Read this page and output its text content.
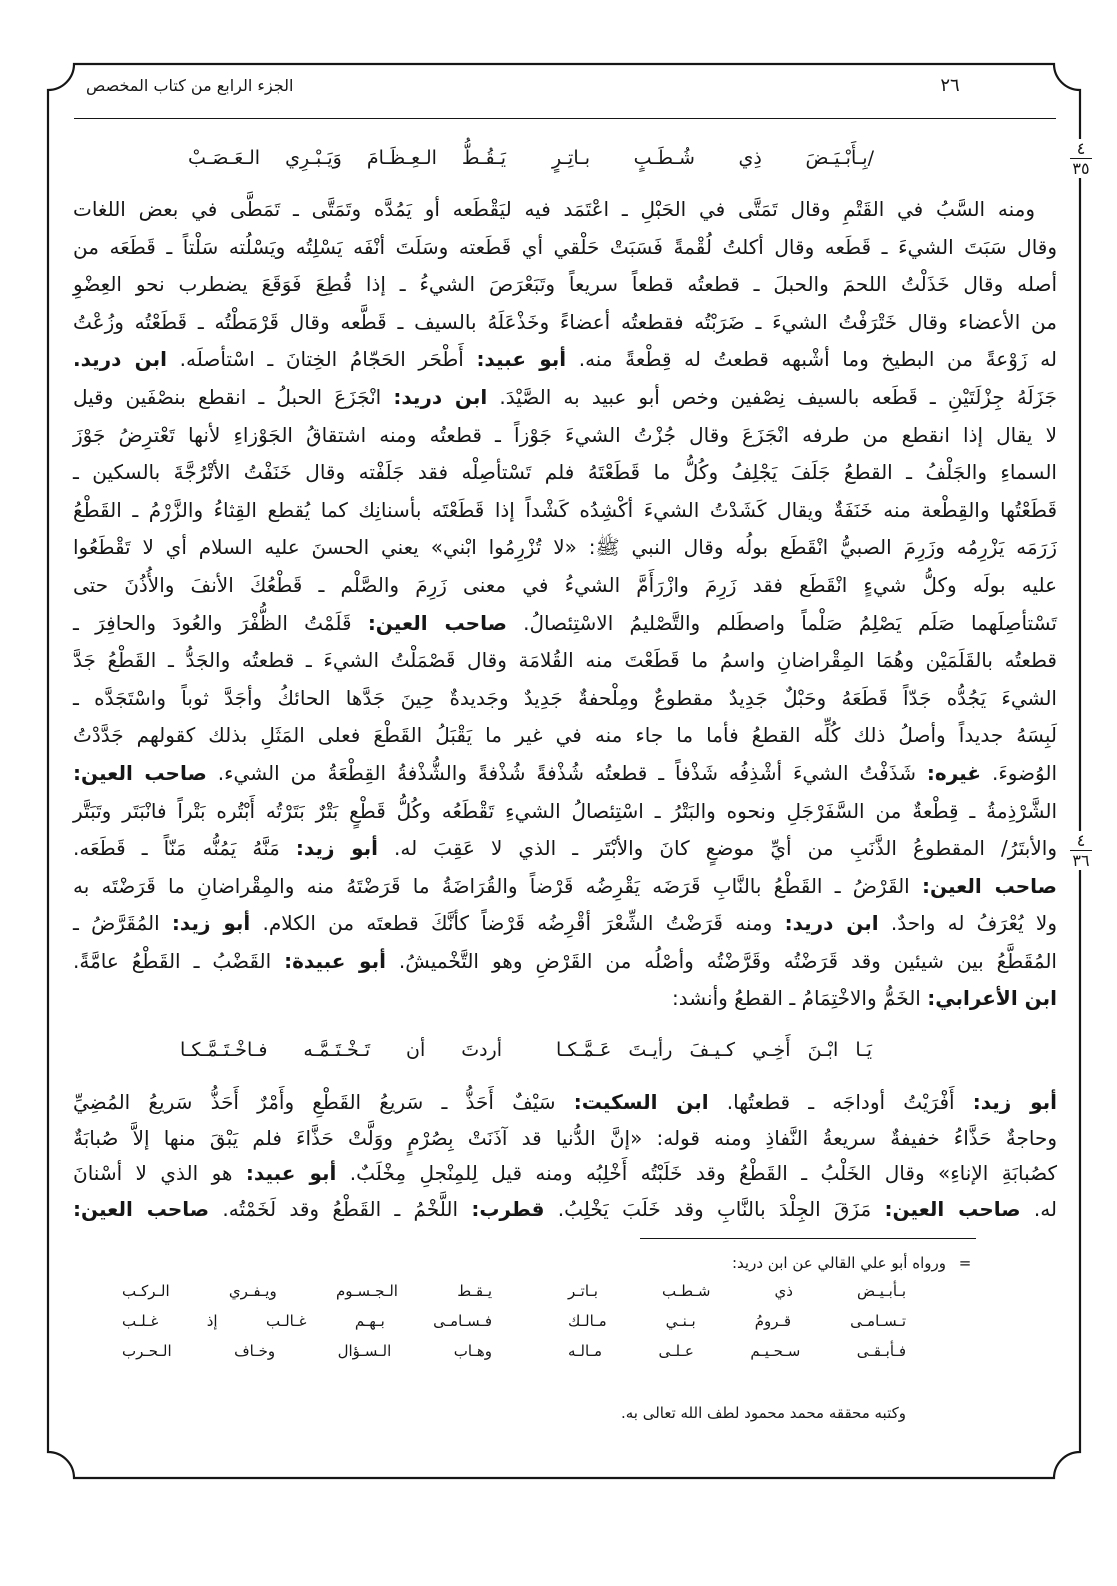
٢٦
الجزء الرابع من كتاب المخصص
٤
٣٥
٤
٣٦
/بِـأَبْـيَـضَ ذِي شُـطَـبٍ بـاتِـرٍ
يَـقُـطُّ الـعِـظَـامَ وَيَـبْـرِي الـعَـصَـبْ
ومنه السَّبُ في القَتْمِ وقال تَمَتَّى في الحَبْلِ ـ اعْتَمَد فيه ليَقْطَعه أو يَمُدَّه وتَمَتَّى ـ تَمَطَّى في بعض اللغات
وقال سَبَتَ الشيءَ ـ قَطَعه وقال أكلتُ لُقْمةً فَسَبَتْ حَلْقي أي قَطَعته وسَلَتَ أنْفَه يَسْلِتُه ويَسْلُته سَلْتاً ـ قَطَعَه من
أصله وقال خَذَلْتُ اللحمَ والحبلَ ـ قطعتُه قطعاً سريعاً وتَبَعْرَصَ الشيءُ ـ إذا قُطِعَ فَوَقَعَ يضطرب نحو العِضْوِ
من الأعضاء وقال خَتْرَفْتُ الشيءَ ـ ضَرَبْتُه فقطعتُه أعضاءً وخَذْعَلَهُ بالسيف ـ قَطَّعه وقال قَرْمَطْتُه ـ قَطَعْتُه وزُعْتُ
له زَوْعةً من البطيخ وما أشْبهه قطعتُ له قِطْعةً منه. أبو عبيد: أَطْحَر الحَجّامُ الخِتانَ ـ اسْتأصلَه. ابن دريد.
جَزَلَهُ جِزْلَتَيْنِ ـ قَطَعه بالسيف نِصْفين وخص أبو عبيد به الصَّيْدَ. ابن دريد: انْجَزَعَ الحبلُ ـ انقطع بنصْفَين وقيل
لا يقال إذا انقطع من طرفه انْجَزَعَ وقال جُزْتُ الشيءَ جَوْزاً ـ قطعتُه ومنه اشتقاقُ الجَوْزاءِ لأنها تَعْترِضُ جَوْزَ
السماءِ والجَلْفُ ـ القطعُ جَلَفَ يَجْلِفُ وكُلُّ ما قَطَعْتَهُ فلم تَسْتأصِلْه فقد جَلَفْته وقال خَنَفْتُ الأتْرُجَّةَ بالسكين ـ
قَطَعْتُها والقِطْعة منه خَنَفَةٌ ويقال كَشَدْتُ الشيءَ أكْشِدُه كَشْداً إذا قَطَعْتَه بأسنانِك كما يُقطع القِثاءُ والزَّرْمُ ـ القَطْعُ
زَرَمَه يَزْرِمُه وزَرِمَ الصبيُّ انْقَطَع بولُه وقال النبي ﷺ: «لا تُزْرِمُوا ابْني» يعني الحسنَ عليه السلام أي لا تَقْطَعُوا
عليه بولَه وكلُّ شيءٍ انْقَطَع فقد زَرِمَ وازْرَأَمَّ الشيءُ في معنى زَرِمَ والصَّلْم ـ قَطْعُكَ الأنفَ والأُذُنَ حتى
تَسْتأصِلَهما صَلَم يَصْلِمُ صَلْماً واصطَلم والتَّصْليمُ الاسْتِئصالُ. صاحب العين: قَلَمْتُ الظُّفْرَ والعُودَ والحافِرَ ـ
قطعتُه بالقَلَمَيْن وهُمَا المِقْراضانِ واسمُ ما قَطَعْتَ منه القُلامَة وقال قَصْمَلْتُ الشيءَ ـ قطعتُه والجَدُّ ـ القَطْعُ جَدَّ
الشيءَ يَجُدُّه جَدّاً قَطَعَهُ وحَبْلٌ جَدِيدٌ مقطوعٌ ومِلْحفةٌ جَدِيدٌ وجَديدةٌ حِينَ جَدَّها الحائكُ وأجَدَّ ثوباً واسْتَجَدَّه ـ
لَبِسَهُ جديداً وأصلُ ذلك كُلِّه القطعُ فأما ما جاء منه في غير ما يَقْبَلُ القَطْعَ فعلى المَثَلِ بذلك كقولهم جَدَّدْتُ
الوُضوءَ. غيره: شَذَفْتُ الشيءَ أشْذِفُه شَذْفاً ـ قطعتُه شُذْفةً شُذْفةً والشُّذْفةُ القِطْعَةُ من الشيء. صاحب العين:
الشَّرْذِمةُ ـ قِطْعةٌ من السَّفَرْجَلِ ونحوه والبَتْرُ ـ اسْتِئصالُ الشيءِ تَقْطَعُه وكُلُّ قَطْعٍ بَتْرٌ بَتَرْتُه أَبْتُره بَتْراً فانْبَتَر وتَبَتَّر
والأبتَرُ/ المقطوعُ الذَّنَبِ من أيِّ موضعٍ كانَ والأبْتَر ـ الذي لا عَقِبَ له. أبو زيد: مَنَّهُ يَمُنُّه مَنّاً ـ قَطَعَه.
صاحب العين: القَرْضُ ـ القَطْعُ بالنَّابِ قَرَضَه يَقْرِضُه قَرْضاً والقُرَاضَةُ ما قَرَضْتَهُ منه والمِقْراضانِ ما قَرَضْتَه به
ولا يُعْرَفُ له واحدٌ. ابن دريد: ومنه قَرَضْتُ الشِّعْرَ أقْرِضُه قَرْضاً كأنَّكَ قطعتَه من الكلام. أبو زيد: المُقَرَّضُ ـ
المُقَطَّعُ بين شيئين وقد قَرَضْتُه وقَرَّضْتُه وأصْلُه من القَرْضِ وهو التَّخْميشُ. أبو عبيدة: القَضْبُ ـ القَطْعُ عامَّةً.
ابن الأعرابي: الخَمُّ والاخْتِمَامُ ـ القطعُ وأنشد:
يَـا ابْـنَ أَخِـي كـيـفَ رأيـتَ عَـمَّـكـا
أردتَ أن تَـخْـتَـمَّـه فـاخْـتَـمَّـكـا
أبو زيد: أَفْرَيْتُ أوداجَه ـ قطعتُها. ابن السكيت: سَيْفٌ أَحَذُّ ـ سَريعُ القَطْعِ وأَمْرٌ أَحَذُّ سَريعُ المُضِيِّ
وحاجةٌ حَذَّاءُ خفيفةٌ سريعةُ النَّفاذِ ومنه قوله: «إنَّ الدُّنيا قد آذَنَتْ بِصُرْمٍ ووَلَّتْ حَذَّاءَ فلم يَبْقَ منها إلاَّ صُبابَةٌ
كصُبابَةِ الإناءِ» وقال الخَلْبُ ـ القَطْعُ وقد خَلَبْتُه أَخْلِبُه ومنه قيل لِلمِنْجلِ مِخْلَبٌ. أبو عبيد: هو الذي لا أسْنانَ
له. صاحب العين: مَزَقَ الجِلْدَ بالنَّابِ وقد خَلَبَ يَخْلِبُ. قطرب: اللَّخْمُ ـ القَطْعُ وقد لَخَمْتُه. صاحب العين:
=
ورواه أبو علي القالي عن ابن دريد:
بـأبـيـض ذي شـطـب بـاتـر
يـقـط الـجـسـوم ويـفـري الـركـب
تـسـامـى قـرومُ بـنـي مـالـك
فـسـامـى بـهـم غـالـب إذ غـلـب
فـأبـقـى سـحـيـم عـلـى مـالـه
وهـاب الـسـؤال وخـاف الـحـرب
وكتبه محققه محمد محمود لطف الله تعالى به.
